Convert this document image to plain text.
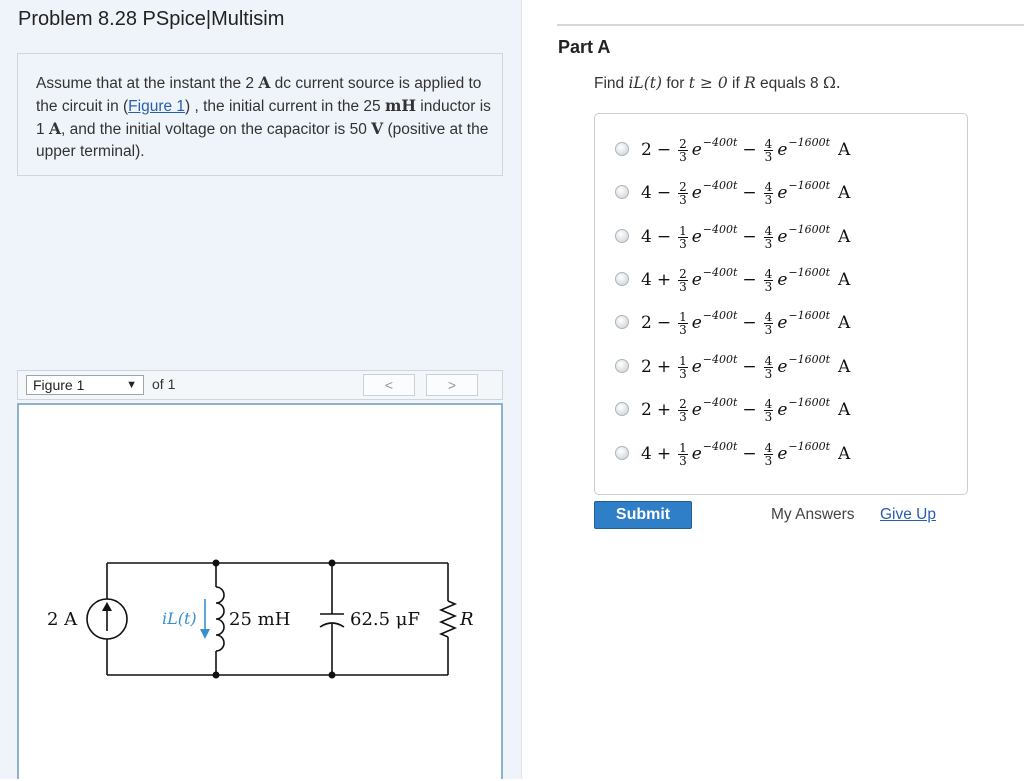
Problem 8.28 PSpice|Multisim
Assume that at the instant the 2 A dc current source is applied to the circuit in (Figure 1) , the initial current in the 25 mH inductor is 1 A, and the initial voltage on the capacitor is 50 V (positive at the upper terminal).
Figure 1	▼ of 1	<	>
2 A	iL(t) 25 mH	62.5 μF R
Part A
Find iL(t) for t ≥ 0 if R equals 8 Ω.
$2 - \frac{2}{3}$ $e -400t - \frac{4}{3}$ e −1600t A
$4 - \frac{2}{3}$ $e -400t - \frac{4}{3}$ e −1600t A
$4 - \frac{1}{3}$ $e -400t - \frac{4}{3}$ e −1600t A
$4 + \frac{2}{3}$ $e -400t - \frac{4}{3}$ e −1600t A
$2 - \frac{1}{3}$ $e -400t - \frac{4}{3}$ e −1600t A
$2 + \frac{1}{3}$ $e -400t - \frac{4}{3}$ e −1600t A
$2 + \frac{2}{3}$ $e -400t - \frac{4}{3}$ e −1600t A
$4 + \frac{1}{3}$ $e -400t - \frac{4}{3}$ e −1600t A
Submit	My Answers Give Up
